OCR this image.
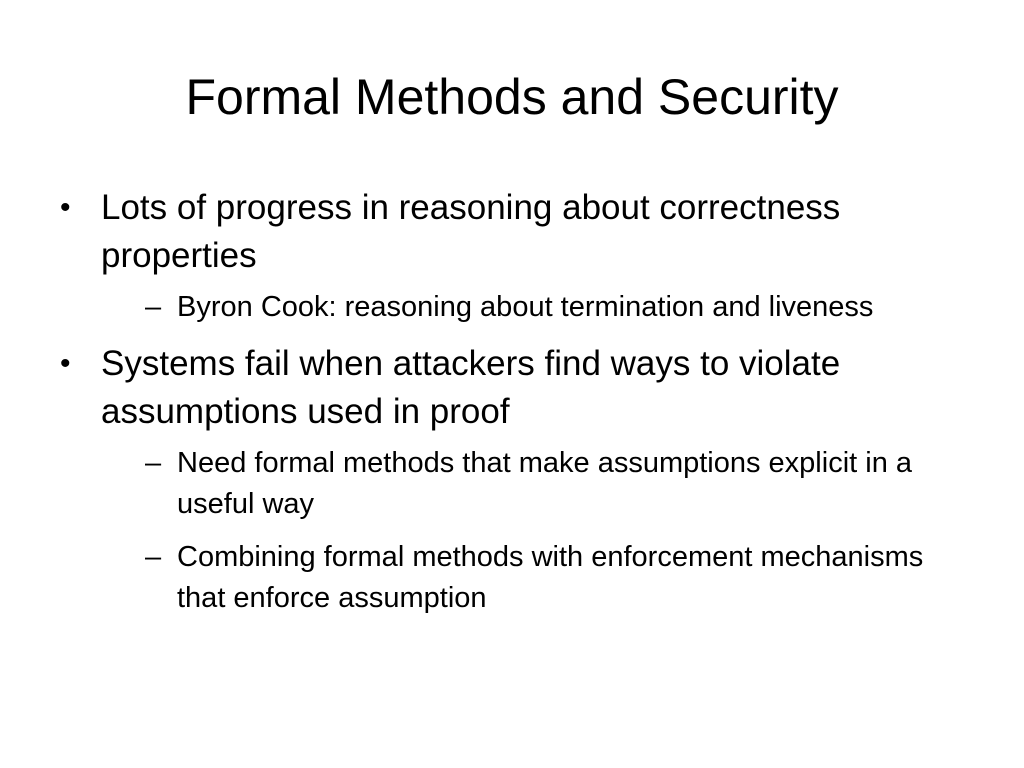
Formal Methods and Security
• Lots of progress in reasoning about correctness properties
– Byron Cook: reasoning about termination and liveness
• Systems fail when attackers find ways to violate assumptions used in proof
– Need formal methods that make assumptions explicit in a useful way
– Combining formal methods with enforcement mechanisms that enforce assumption
